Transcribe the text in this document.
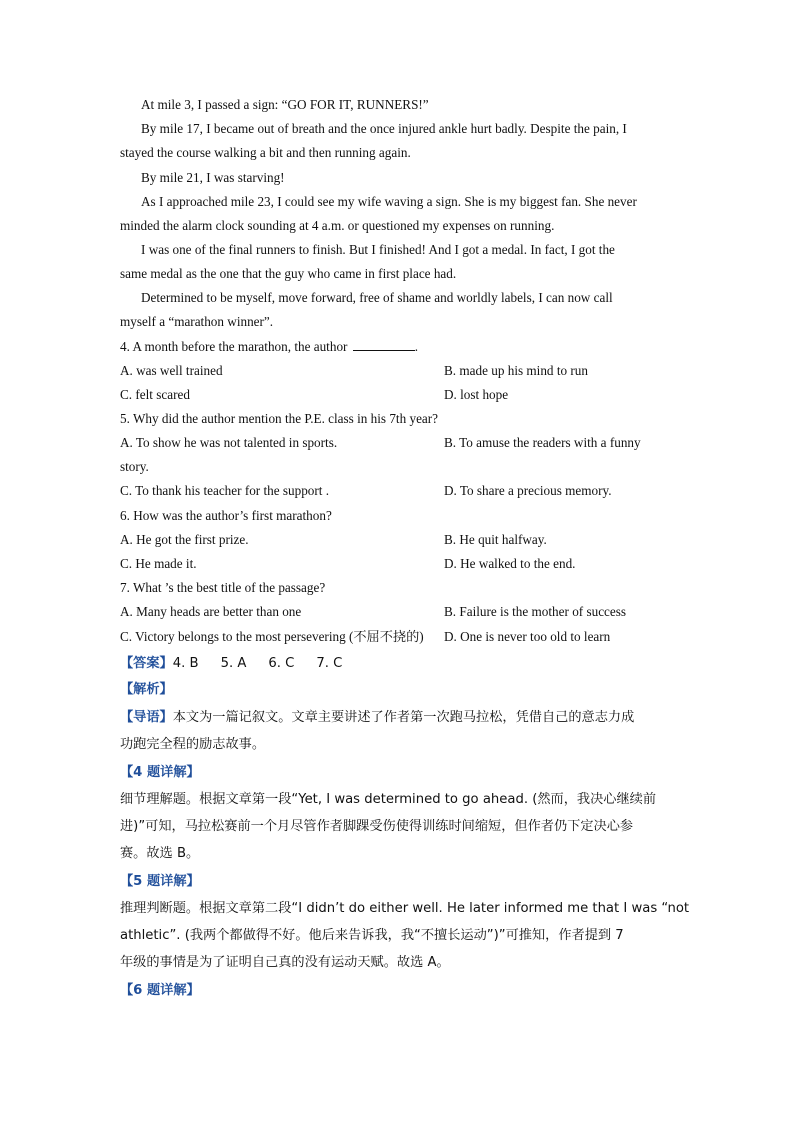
At mile 3, I passed a sign: “GO FOR IT, RUNNERS!”
By mile 17, I became out of breath and the once injured ankle hurt badly. Despite the pain, I
stayed the course walking a bit and then running again.
By mile 21, I was starving!
As I approached mile 23, I could see my wife waving a sign. She is my biggest fan. She never
minded the alarm clock sounding at 4 a.m. or questioned my expenses on running.
I was one of the final runners to finish. But I finished! And I got a medal. In fact, I got the
same medal as the one that the guy who came in first place had.
Determined to be myself, move forward, free of shame and worldly labels, I can now call
myself a “marathon winner”.
4. A month before the marathon, the author	.
A. was well trained	B. made up his mind to run
C. felt scared	D. lost hope
5. Why did the author mention the P.E. class in his 7th year?
A. To show he was not talented in sports.	B. To amuse the readers with a funny
story.
C. To thank his teacher for the support .	D. To share a precious memory.
6. How was the author’s first marathon?
A. He got the first prize.	B. He quit halfway.
C. He made it.	D. He walked to the end.
7. What ’s the best title of the passage?
A. Many heads are better than one	B. Failure is the mother of success
C. Victory belongs to the most persevering (不屈不挠的) D. One is never too old to learn
【答案】4. B 5. A 6. C 7. C
【解析】
【导语】本文为一篇记叙文。文章主要讲述了作者第一次跑马拉松，凭借自己的意志力成
功跑完全程的励志故事。
【4 题详解】
细节理解题。根据文章第一段“Yet, I was determined to go ahead. (然而，我决心继续前
进)”可知，马拉松赛前一个月尽管作者脚踝受伤使得训练时间缩短，但作者仍下定决心参
赛。故选 B。
【5 题详解】
推理判断题。根据文章第二段“I didn’t do either well. He later informed me that I was “not
athletic”. (我两个都做得不好。他后来告诉我，我“不擅长运动”)”可推知，作者提到 7
年级的事情是为了证明自己真的没有运动天赋。故选 A。
【6 题详解】
